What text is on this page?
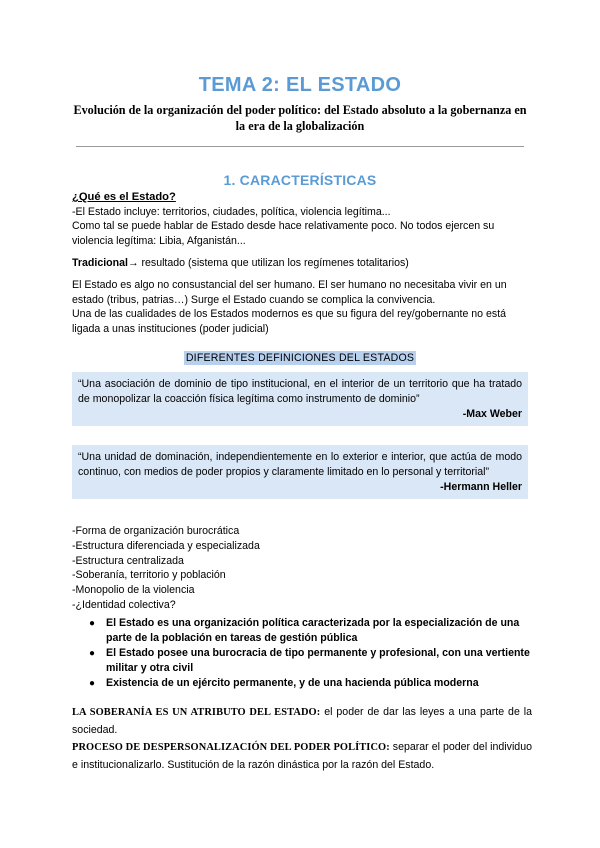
TEMA 2: EL ESTADO

Evolución de la organización del poder político: del Estado absoluto a la gobernanza en la era de la globalización

1. CARACTERÍSTICAS

¿Qué es el Estado?

-El Estado incluye: territorios, ciudades, política, violencia legítima...

Como tal se puede hablar de Estado desde hace relativamente poco. No todos ejercen su violencia legítima: Libia, Afganistán...

Tradicional→ resultado (sistema que utilizan los regímenes totalitarios)

El Estado es algo no consustancial del ser humano. El ser humano no necesitaba vivir en un estado (tribus, patrias…) Surge el Estado cuando se complica la convivencia.

Una de las cualidades de los Estados modernos es que su figura del rey/gobernante no está ligada a unas instituciones (poder judicial)

DIFERENTES DEFINICIONES DEL ESTADOS
“Una asociación de dominio de tipo institucional, en el interior de un territorio que ha tratado de monopolizar la coacción física legítima como instrumento de dominio”
-Max Weber
“Una unidad de dominación, independientemente en lo exterior e interior, que actúa de modo continuo, con medios de poder propios y claramente limitado en lo personal y territorial”
-Hermann Heller

-Forma de organización burocrática

-Estructura diferenciada y especializada

-Estructura centralizada

-Soberanía, territorio y población

-Monopolio de la violencia

-¿Identidad colectiva?

● El Estado es una organización política caracterizada por la especialización de una parte de la población en tareas de gestión pública
● El Estado posee una burocracia de tipo permanente y profesional, con una vertiente militar y otra civil
● Existencia de un ejército permanente, y de una hacienda pública moderna

LA SOBERANÍA ES UN ATRIBUTO DEL ESTADO: el poder de dar las leyes a una parte de la sociedad.

PROCESO DE DESPERSONALIZACIÓN DEL PODER POLÍTICO: separar el poder del individuo e institucionalizarlo. Sustitución de la razón dinástica por la razón del Estado.
